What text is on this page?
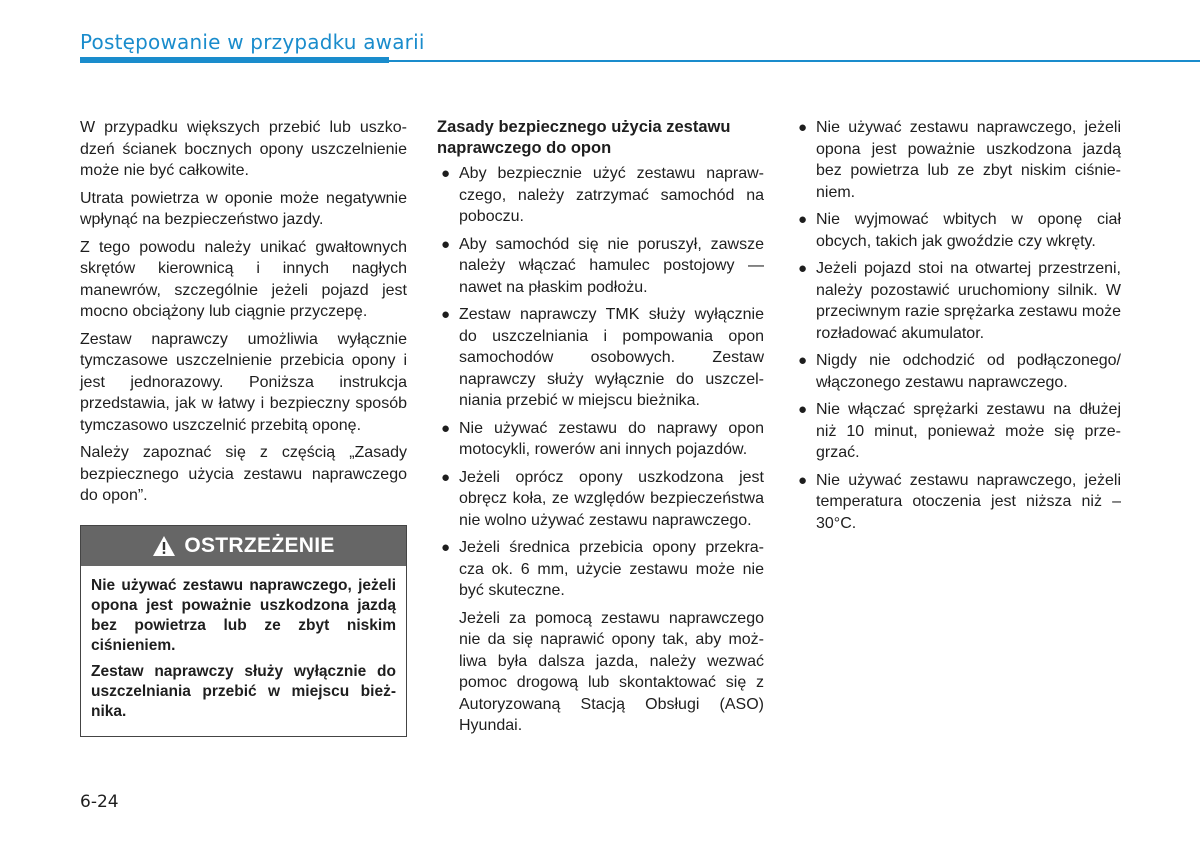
Postępowanie w przypadku awarii

W przypadku większych przebić lub uszkodzeń ścianek bocznych opony uszczelnienie może nie być całkowite.

Utrata powietrza w oponie może negatywnie wpłynąć na bezpieczeństwo jazdy.

Z tego powodu należy unikać gwałtownych skrętów kierownicą i innych nagłych manewrów, szczególnie jeżeli pojazd jest mocno obciążony lub ciągnie przyczepę.

Zestaw naprawczy umożliwia wyłącznie tymczasowe uszczelnienie przebicia opony i jest jednorazowy. Poniższa instrukcja przedstawia, jak w łatwy i bezpieczny sposób tymczasowo uszczelnić przebitą oponę.

Należy zapoznać się z częścią „Zasady bezpiecznego użycia zestawu naprawczego do opon”.

OSTRZEŻENIE

Nie używać zestawu naprawczego, jeżeli opona jest poważnie uszkodzona jazdą bez powietrza lub ze zbyt niskim ciśnieniem.

Zestaw naprawczy służy wyłącznie do uszczelniania przebić w miejscu bieżnika.

Zasady bezpiecznego użycia zestawu naprawczego do opon
● Aby bezpiecznie użyć zestawu naprawczego, należy zatrzymać samochód na poboczu.
● Aby samochód się nie poruszył, zawsze należy włączać hamulec postojowy — nawet na płaskim podłożu.
● Zestaw naprawczy TMK służy wyłącznie do uszczelniania i pompowania opon samochodów osobowych. Zestaw naprawczy służy wyłącznie do uszczelniania przebić w miejscu bieżnika.
● Nie używać zestawu do naprawy opon motocykli, rowerów ani innych pojazdów.
● Jeżeli oprócz opony uszkodzona jest obręcz koła, ze względów bezpieczeństwa nie wolno używać zestawu naprawczego.
● Jeżeli średnica przebicia opony przekracza ok. 6 mm, użycie zestawu może nie być skuteczne.

Jeżeli za pomocą zestawu naprawczego nie da się naprawić opony tak, aby możliwa była dalsza jazda, należy wezwać pomoc drogową lub skontaktować się z Autoryzowaną Stacją Obsługi (ASO) Hyundai.

● Nie używać zestawu naprawczego, jeżeli opona jest poważnie uszkodzona jazdą bez powietrza lub ze zbyt niskim ciśnieniem.
● Nie wyjmować wbitych w oponę ciał obcych, takich jak gwoździe czy wkręty.
● Jeżeli pojazd stoi na otwartej przestrzeni, należy pozostawić uruchomiony silnik. W przeciwnym razie sprężarka zestawu może rozładować akumulator.
● Nigdy nie odchodzić od podłączonego/ włączonego zestawu naprawczego.
● Nie włączać sprężarki zestawu na dłużej niż 10 minut, ponieważ może się przegrzać.
● Nie używać zestawu naprawczego, jeżeli temperatura otoczenia jest niższa niż –30°C.
6-24
